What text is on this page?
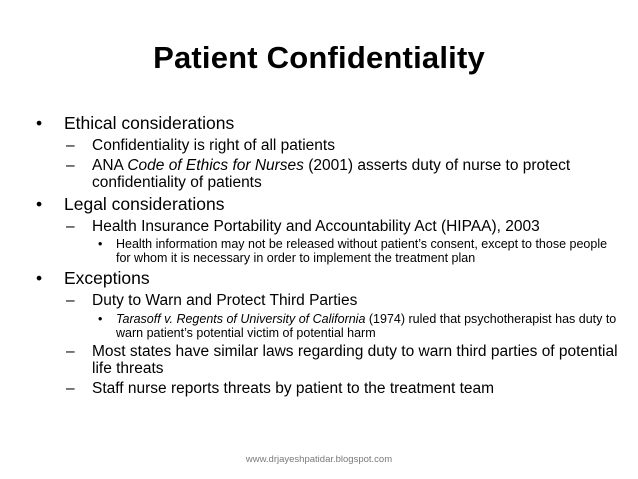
Patient Confidentiality
• Ethical considerations
– Confidentiality is right of all patients
– ANA Code of Ethics for Nurses (2001) asserts duty of nurse to protect confidentiality of patients
• Legal considerations
– Health Insurance Portability and Accountability Act (HIPAA), 2003
• Health information may not be released without patient’s consent, except to those people for whom it is necessary in order to implement the treatment plan
• Exceptions
– Duty to Warn and Protect Third Parties
• Tarasoff v. Regents of University of California (1974) ruled that psychotherapist has duty to warn patient’s potential victim of potential harm
– Most states have similar laws regarding duty to warn third parties of potential life threats
– Staff nurse reports threats by patient to the treatment team
www.drjayeshpatidar.blogspot.com
